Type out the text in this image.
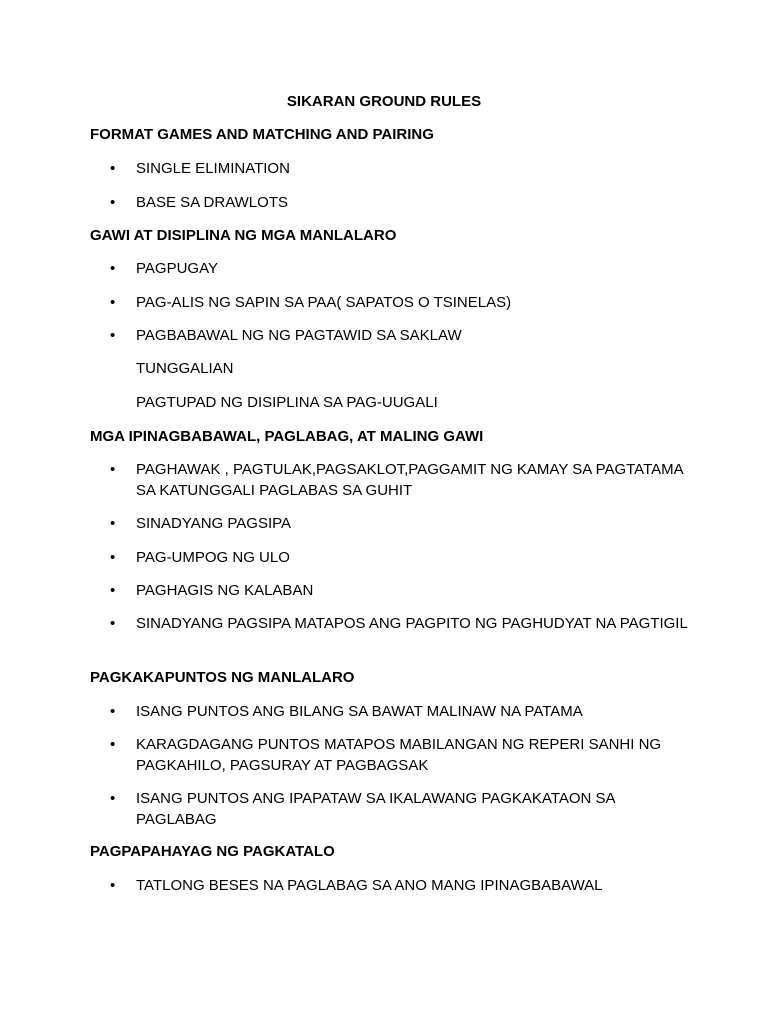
SIKARAN GROUND RULES
FORMAT GAMES AND MATCHING AND PAIRING
•	SINGLE ELIMINATION
•	BASE SA DRAWLOTS
GAWI AT DISIPLINA NG MGA MANLALARO
•	PAGPUGAY
•	PAG-ALIS NG SAPIN SA PAA( SAPATOS O TSINELAS)
•	PAGBABAWAL NG NG PAGTAWID SA SAKLAW
TUNGGALIAN
PAGTUPAD NG DISIPLINA SA PAG-UUGALI
MGA IPINAGBABAWAL, PAGLABAG, AT MALING GAWI
•	PAGHAWAK , PAGTULAK,PAGSAKLOT,PAGGAMIT NG KAMAY SA PAGTATAMA SA KATUNGGALI PAGLABAS SA GUHIT
•	SINADYANG PAGSIPA
•	PAG-UMPOG NG ULO
•	PAGHAGIS NG KALABAN
•	SINADYANG PAGSIPA MATAPOS ANG PAGPITO NG PAGHUDYAT NA PAGTIGIL
PAGKAKAPUNTOS NG MANLALARO
•	ISANG PUNTOS ANG BILANG SA BAWAT MALINAW NA PATAMA
•	KARAGDAGANG PUNTOS MATAPOS MABILANGAN NG REPERI SANHI NG PAGKAHILO, PAGSURAY AT PAGBAGSAK
•	ISANG PUNTOS ANG IPAPATAW SA IKALAWANG PAGKAKATAON SA PAGLABAG
PAGPAPAHAYAG NG PAGKATALO
•	TATLONG BESES NA PAGLABAG SA ANO MANG IPINAGBABAWAL
